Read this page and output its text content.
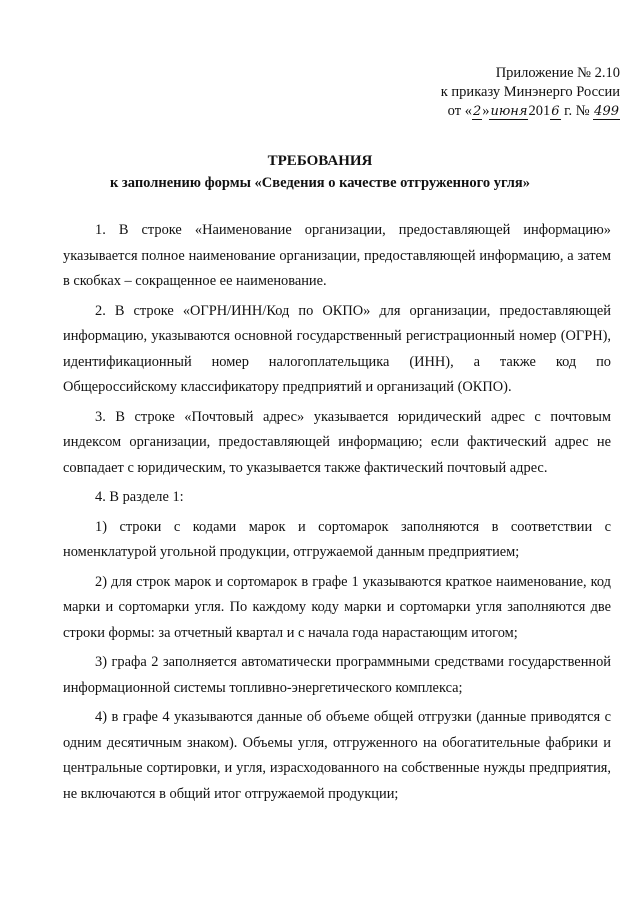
Приложение № 2.10
к приказу Минэнерго России
от «2»июня2016 г. № 499
ТРЕБОВАНИЯ
к заполнению формы «Сведения о качестве отгруженного угля»

1. В строке «Наименование организации, предоставляющей информацию» указывается полное наименование организации, предоставляющей информацию, а затем в скобках – сокращенное ее наименование.

2. В строке «ОГРН/ИНН/Код по ОКПО» для организации, предоставляющей информацию, указываются основной государственный регистрационный номер (ОГРН), идентификационный номер налогоплательщика (ИНН), а также код по Общероссийскому классификатору предприятий и организаций (ОКПО).

3. В строке «Почтовый адрес» указывается юридический адрес с почтовым индексом организации, предоставляющей информацию; если фактический адрес не совпадает с юридическим, то указывается также фактический почтовый адрес.

4. В разделе 1:

1) строки с кодами марок и сортомарок заполняются в соответствии с номенклатурой угольной продукции, отгружаемой данным предприятием;

2) для строк марок и сортомарок в графе 1 указываются краткое наименование, код марки и сортомарки угля. По каждому коду марки и сортомарки угля заполняются две строки формы: за отчетный квартал и с начала года нарастающим итогом;

3) графа 2 заполняется автоматически программными средствами государственной информационной системы топливно-энергетического комплекса;

4) в графе 4 указываются данные об объеме общей отгрузки (данные приводятся с одним десятичным знаком). Объемы угля, отгруженного на обогатительные фабрики и центральные сортировки, и угля, израсходованного на собственные нужды предприятия, не включаются в общий итог отгружаемой продукции;
